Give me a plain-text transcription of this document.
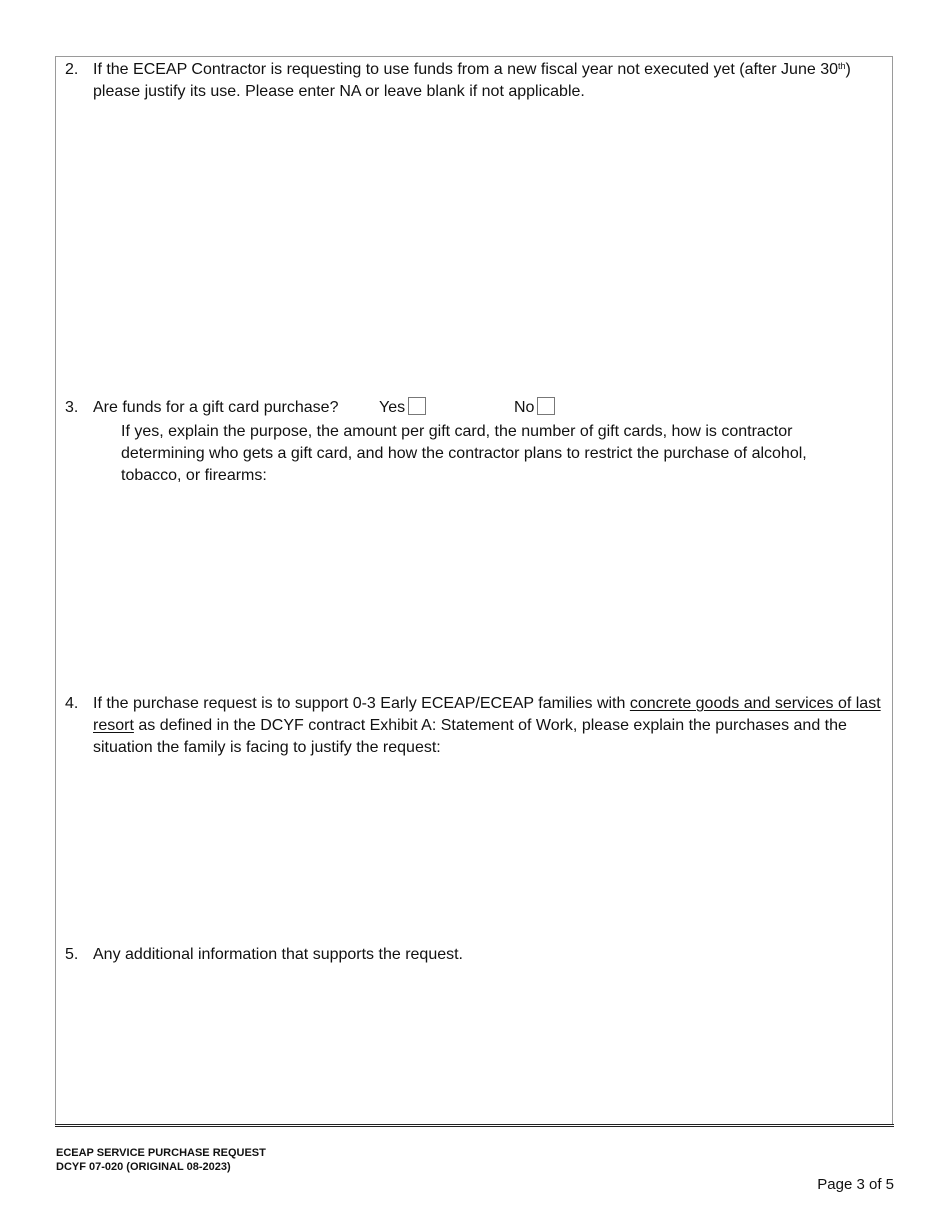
2. If the ECEAP Contractor is requesting to use funds from a new fiscal year not executed yet (after June 30th) please justify its use. Please enter NA or leave blank if not applicable.
3. Are funds for a gift card purchase?	Yes	No
If yes, explain the purpose, the amount per gift card, the number of gift cards, how is contractor determining who gets a gift card, and how the contractor plans to restrict the purchase of alcohol, tobacco, or firearms:
4. If the purchase request is to support 0-3 Early ECEAP/ECEAP families with concrete goods and services of last resort as defined in the DCYF contract Exhibit A: Statement of Work, please explain the purchases and the situation the family is facing to justify the request:
5. Any additional information that supports the request.
ECEAP SERVICE PURCHASE REQUEST
DCYF 07-020 (ORIGINAL 08-2023)
Page 3 of 5
